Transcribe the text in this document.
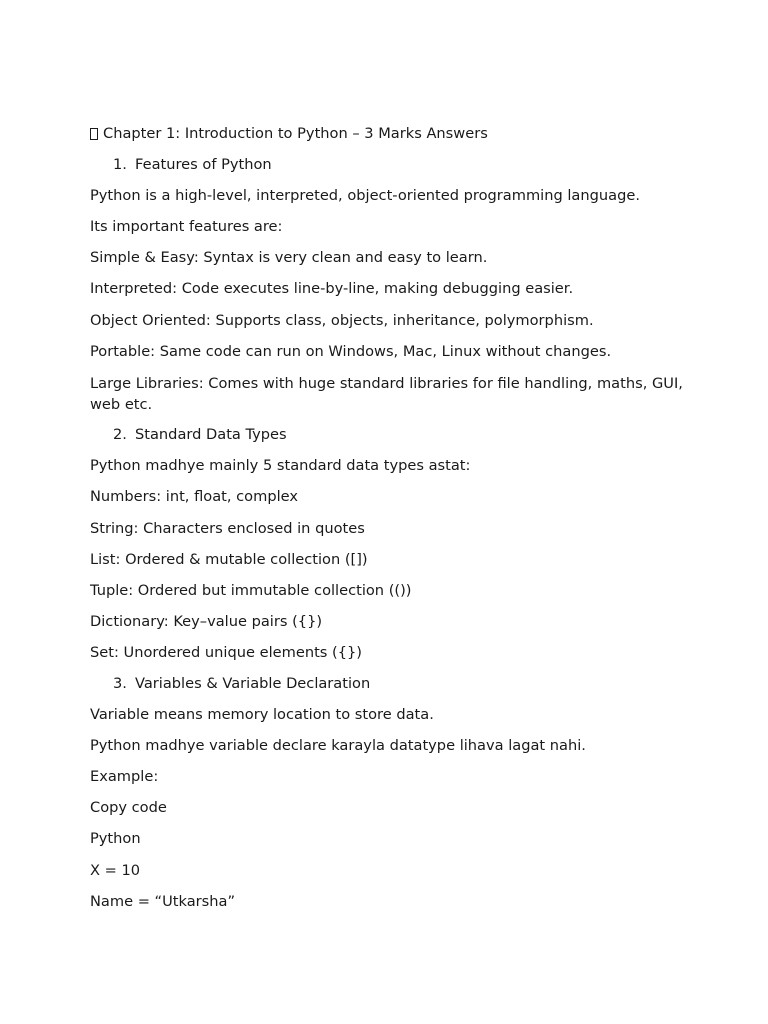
Chapter 1: Introduction to Python – 3 Marks Answers
1. Features of Python
Python is a high-level, interpreted, object-oriented programming language.
Its important features are:
Simple & Easy: Syntax is very clean and easy to learn.
Interpreted: Code executes line-by-line, making debugging easier.
Object Oriented: Supports class, objects, inheritance, polymorphism.
Portable: Same code can run on Windows, Mac, Linux without changes.
Large Libraries: Comes with huge standard libraries for file handling, maths, GUI, web etc.
2. Standard Data Types
Python madhye mainly 5 standard data types astat:
Numbers: int, float, complex
String: Characters enclosed in quotes
List: Ordered & mutable collection ([])
Tuple: Ordered but immutable collection (())
Dictionary: Key–value pairs ({})
Set: Unordered unique elements ({})
3. Variables & Variable Declaration
Variable means memory location to store data.
Python madhye variable declare karayla datatype lihava lagat nahi.
Example:
Copy code
Python
X = 10
Name = “Utkarsha”
